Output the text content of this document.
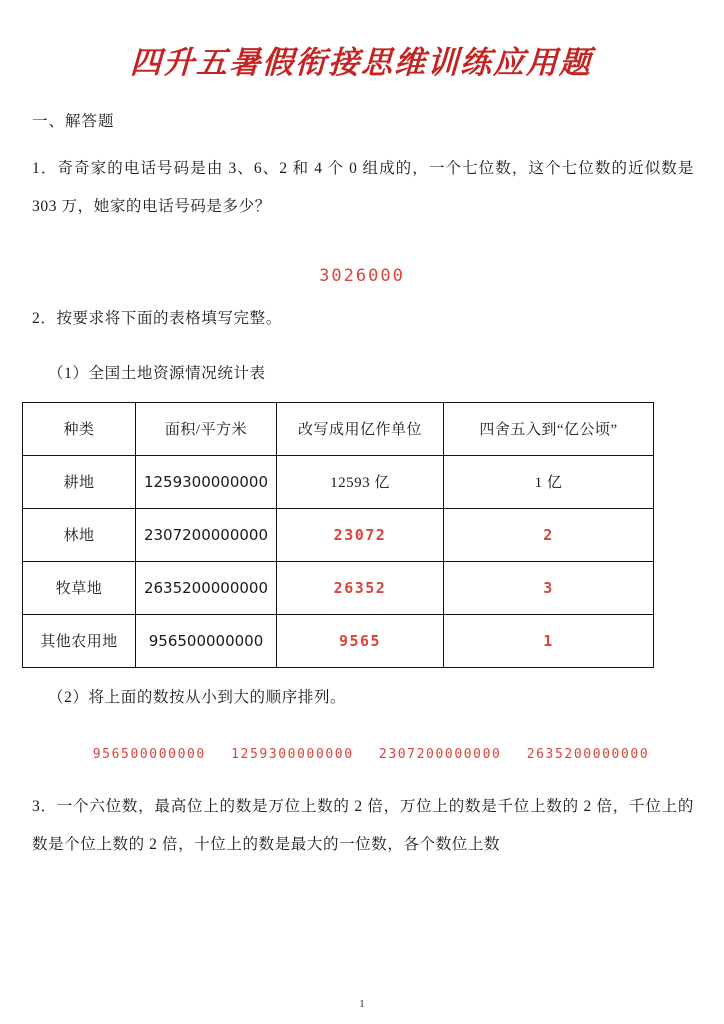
四升五暑假衔接思维训练应用题
一、解答题

1．奇奇家的电话号码是由 3、6、2 和 4 个 0 组成的，一个七位数，这个七位数的近似数是 303 万，她家的电话号码是多少？

3026000

2．按要求将下面的表格填写完整。

（1）全国土地资源情况统计表
种类	面积/平方米	改写成用亿作单位	四舍五入到“亿公顷”
耕地	1259300000000	12593 亿	1 亿
林地	2307200000000	23072	2
牧草地	2635200000000	26352	3
其他农用地	956500000000	9565	1
（2）将上面的数按从小到大的顺序排列。
956500000000 1259300000000 2307200000000 2635200000000

3．一个六位数，最高位上的数是万位上数的 2 倍，万位上的数是千位上数的 2 倍，千位上的数是个位上数的 2 倍，十位上的数是最大的一位数，各个数位上数

1
